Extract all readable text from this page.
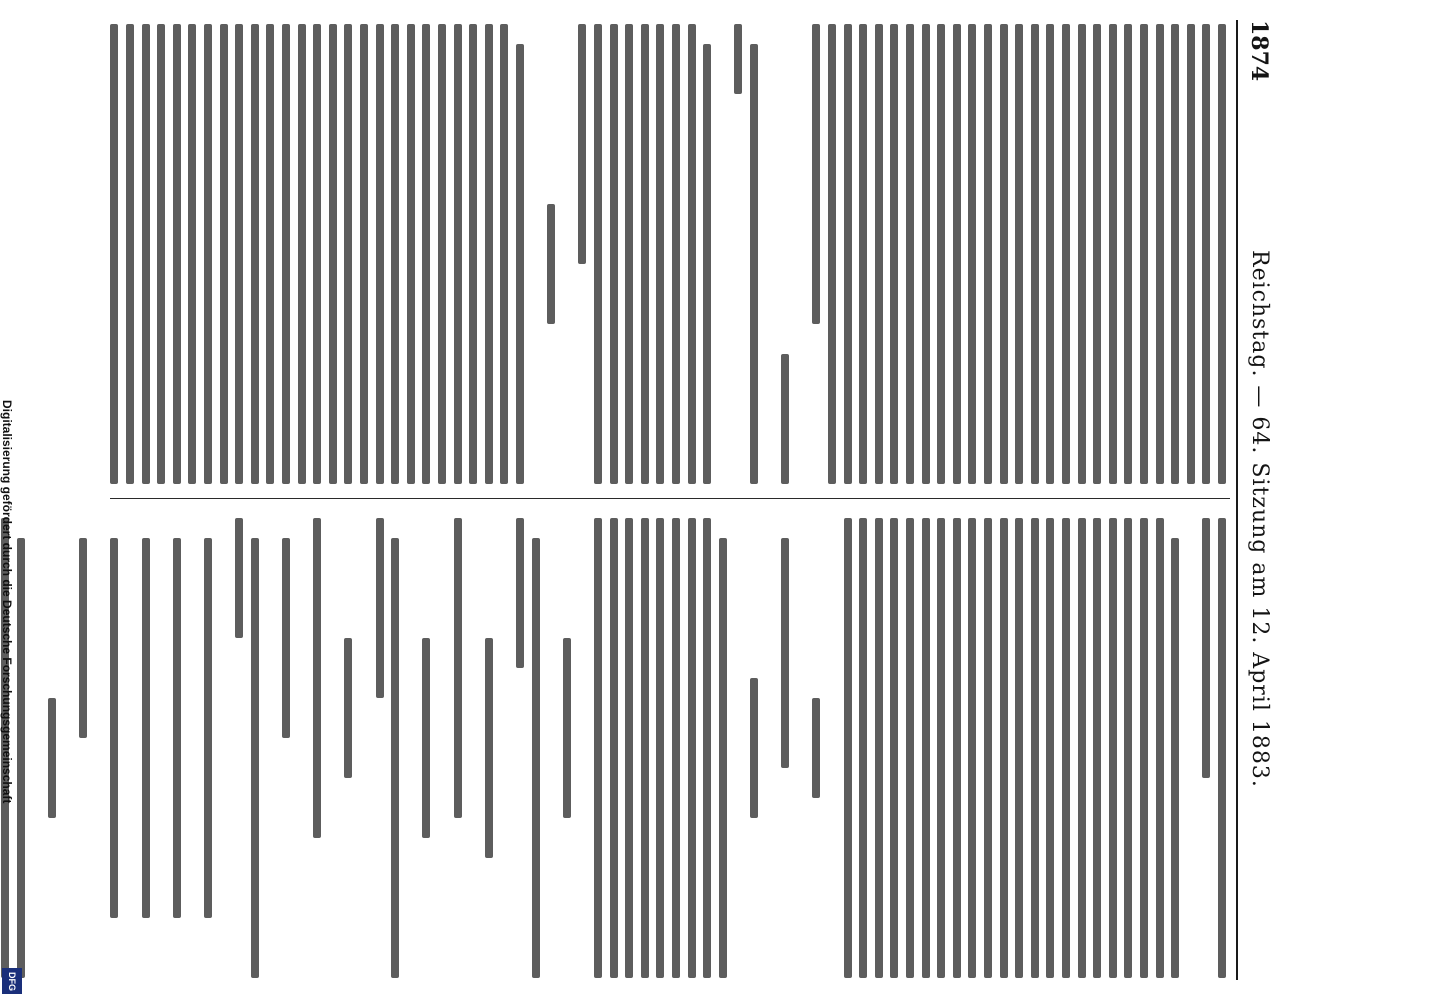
1874
Reichstag. — 64. Sitzung am 12. April 1883.
Digitalisierung gefördert durch die Deutsche Forschungsgemeinschaft
DFG
